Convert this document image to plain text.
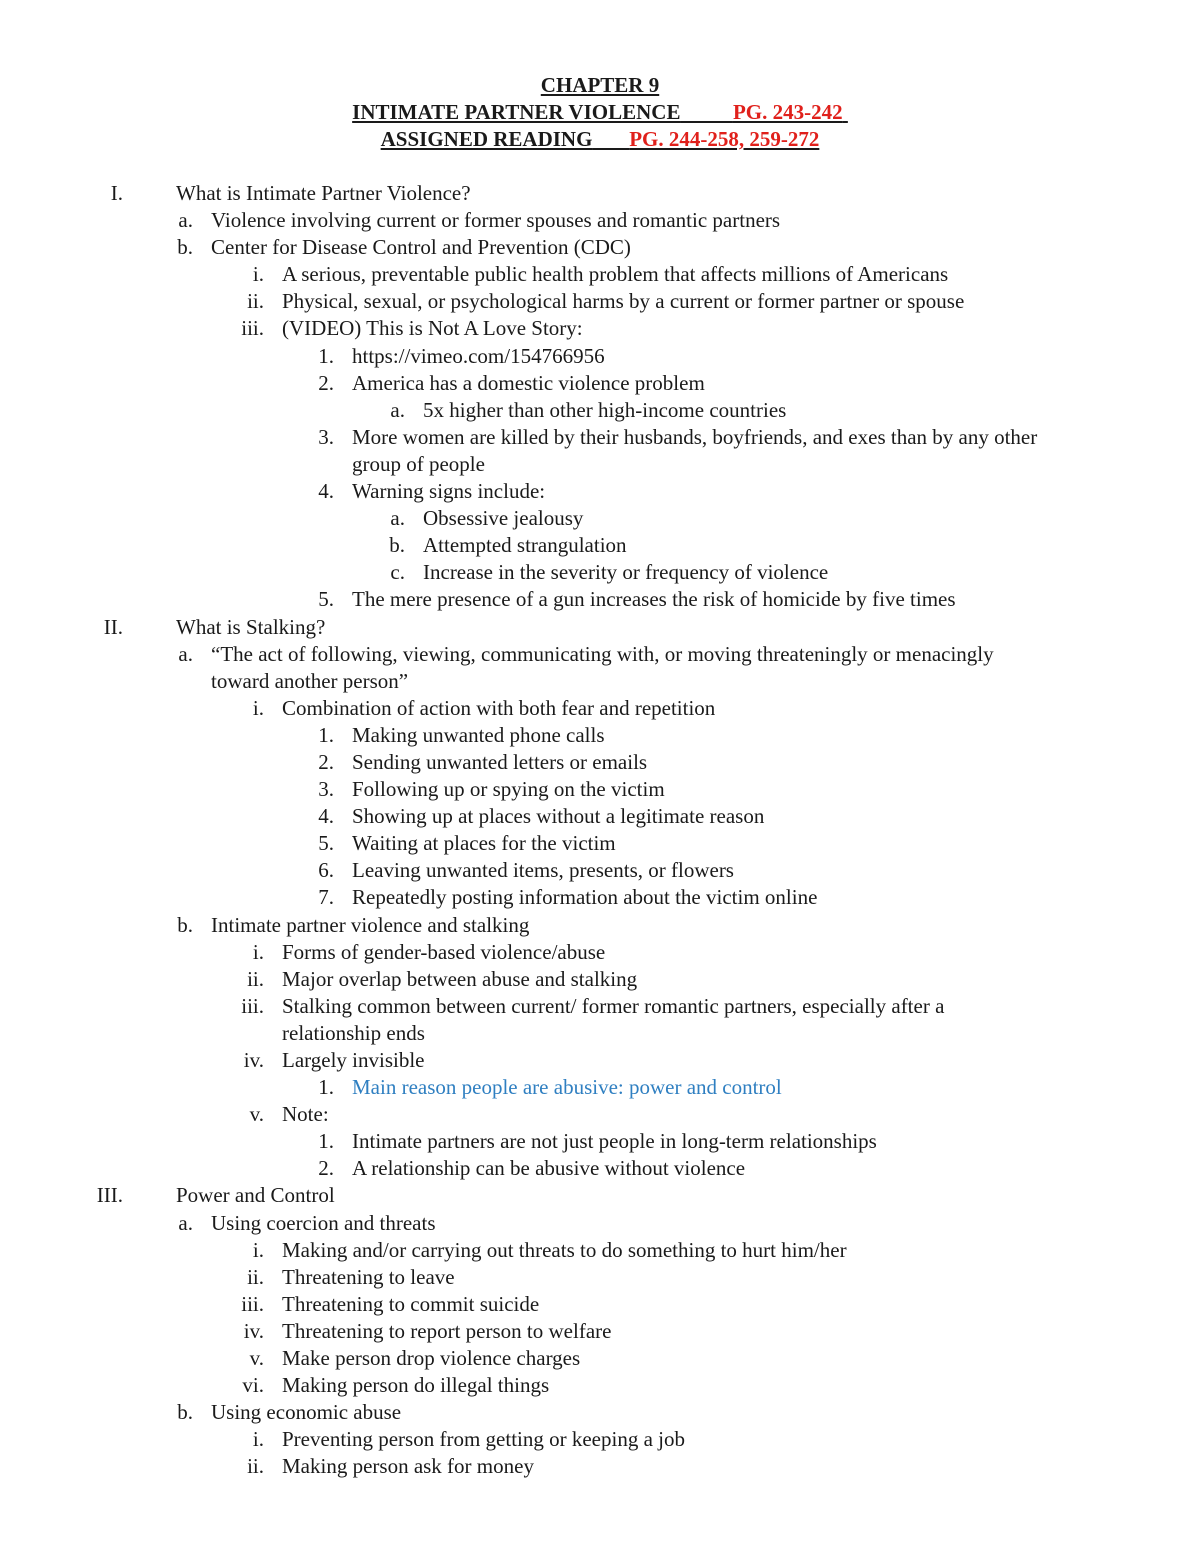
CHAPTER 9
INTIMATE PARTNER VIOLENCE	PG. 243-242
ASSIGNED READING PG. 244-258, 259-272
I.	What is Intimate Partner Violence?
a. Violence involving current or former spouses and romantic partners
b. Center for Disease Control and Prevention (CDC)
i. A serious, preventable public health problem that affects millions of Americans
ii. Physical, sexual, or psychological harms by a current or former partner or spouse
iii. (VIDEO) This is Not A Love Story:
1. https://vimeo.com/154766956
2. America has a domestic violence problem
a. 5x higher than other high-income countries
3. More women are killed by their husbands, boyfriends, and exes than by any other
group of people
4. Warning signs include:
a. Obsessive jealousy
b. Attempted strangulation
c. Increase in the severity or frequency of violence
5. The mere presence of a gun increases the risk of homicide by five times
II.	What is Stalking?
a. “The act of following, viewing, communicating with, or moving threateningly or menacingly
toward another person”
i. Combination of action with both fear and repetition
1. Making unwanted phone calls
2. Sending unwanted letters or emails
3. Following up or spying on the victim
4. Showing up at places without a legitimate reason
5. Waiting at places for the victim
6. Leaving unwanted items, presents, or flowers
7. Repeatedly posting information about the victim online
b. Intimate partner violence and stalking
i. Forms of gender-based violence/abuse
ii. Major overlap between abuse and stalking
iii. Stalking common between current/ former romantic partners, especially after a
relationship ends
iv. Largely invisible
1. Main reason people are abusive: power and control
v. Note:
1. Intimate partners are not just people in long-term relationships
2. A relationship can be abusive without violence
III.	Power and Control
a. Using coercion and threats
i. Making and/or carrying out threats to do something to hurt him/her
ii. Threatening to leave
iii. Threatening to commit suicide
iv. Threatening to report person to welfare
v. Make person drop violence charges
vi. Making person do illegal things
b. Using economic abuse
i. Preventing person from getting or keeping a job
ii. Making person ask for money
